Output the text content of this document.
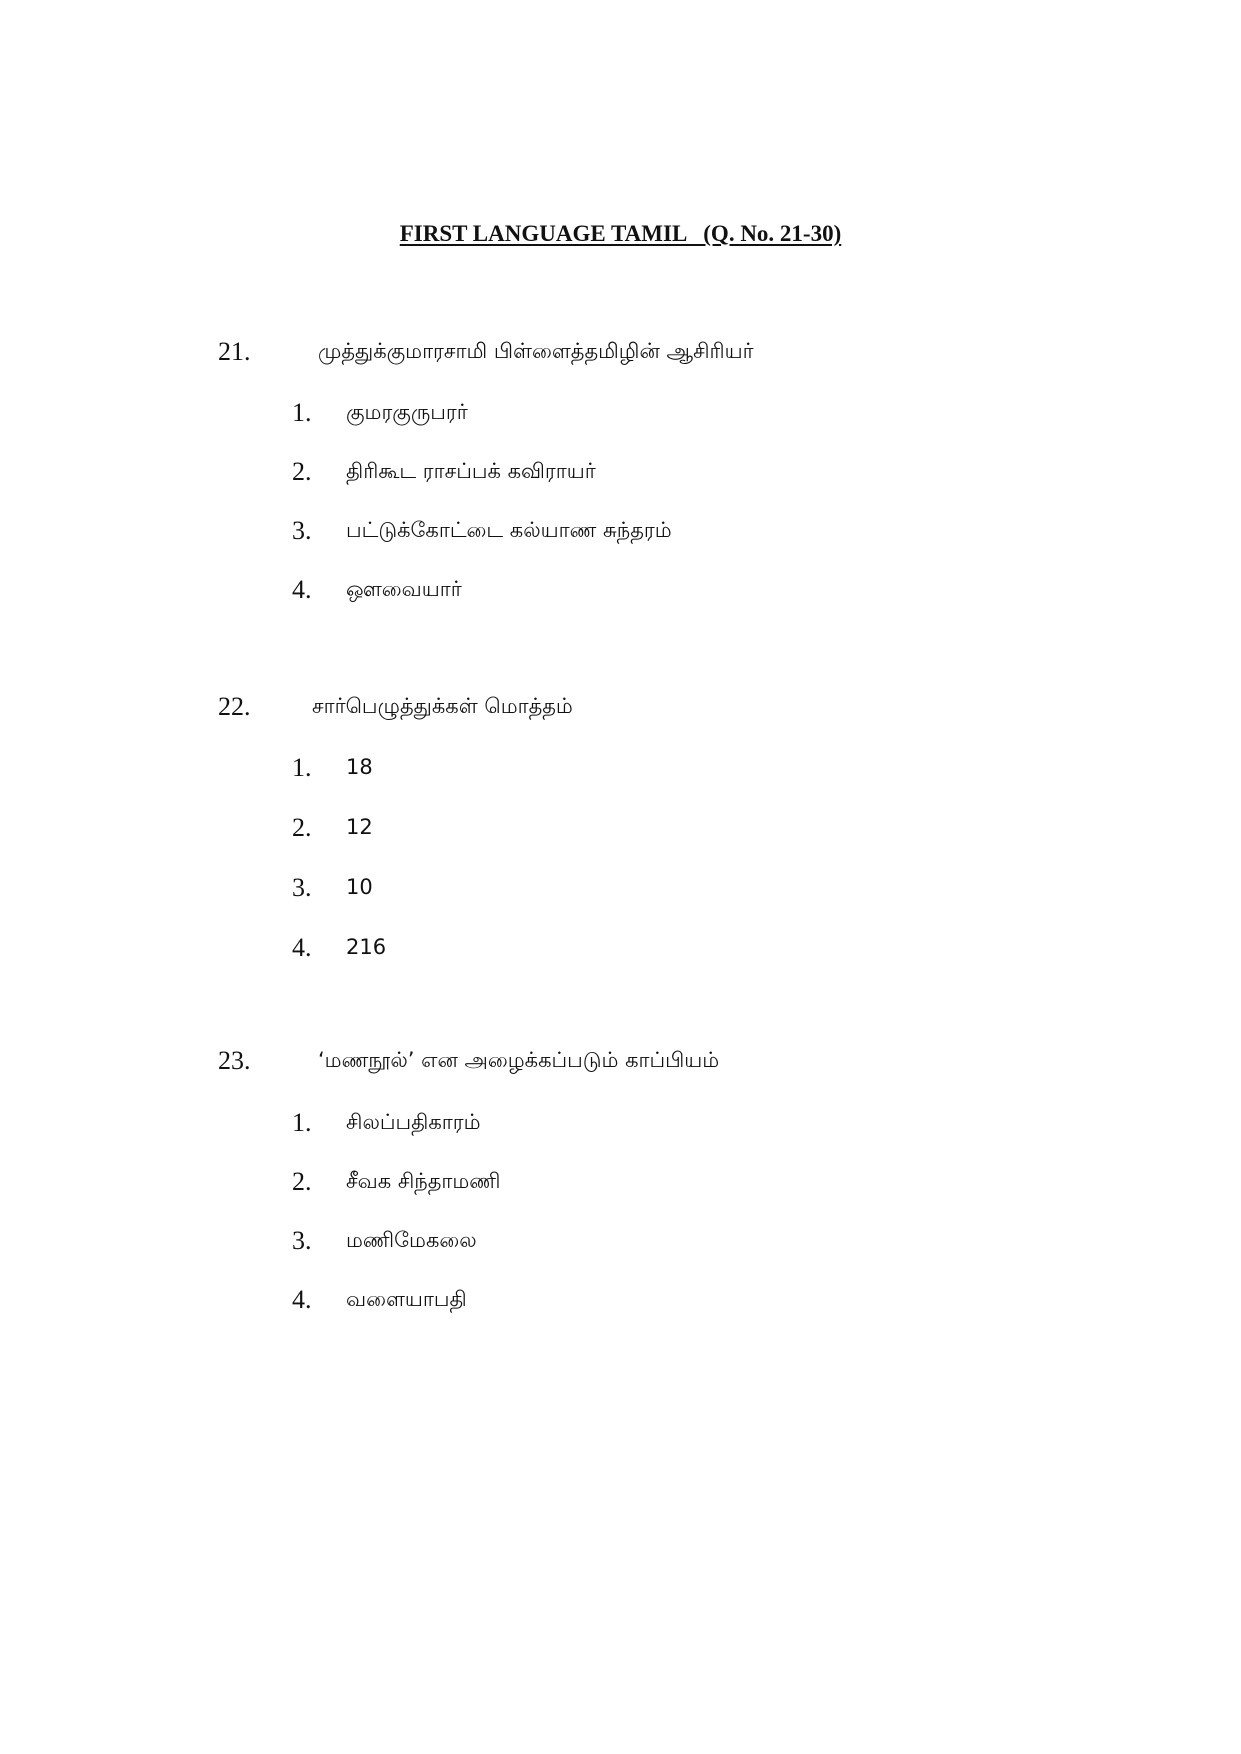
FIRST LANGUAGE TAMIL   (Q. No. 21-30)
21.	முத்துக்குமாரசாமி பிள்ளைத்தமிழின் ஆசிரியர்
1. குமரகுருபரர்
2. திரிகூட ராசப்பக் கவிராயர்
3. பட்டுக்கோட்டை கல்யாண சுந்தரம்
4. ஔவையார்
22.	சார்பெழுத்துக்கள் மொத்தம்
1. 18
2. 12
3. 10
4. 216
23.	‘மணநூல்’ என அழைக்கப்படும் காப்பியம்
1. சிலப்பதிகாரம்
2. சீவக சிந்தாமணி
3. மணிமேகலை
4. வளையாபதி
